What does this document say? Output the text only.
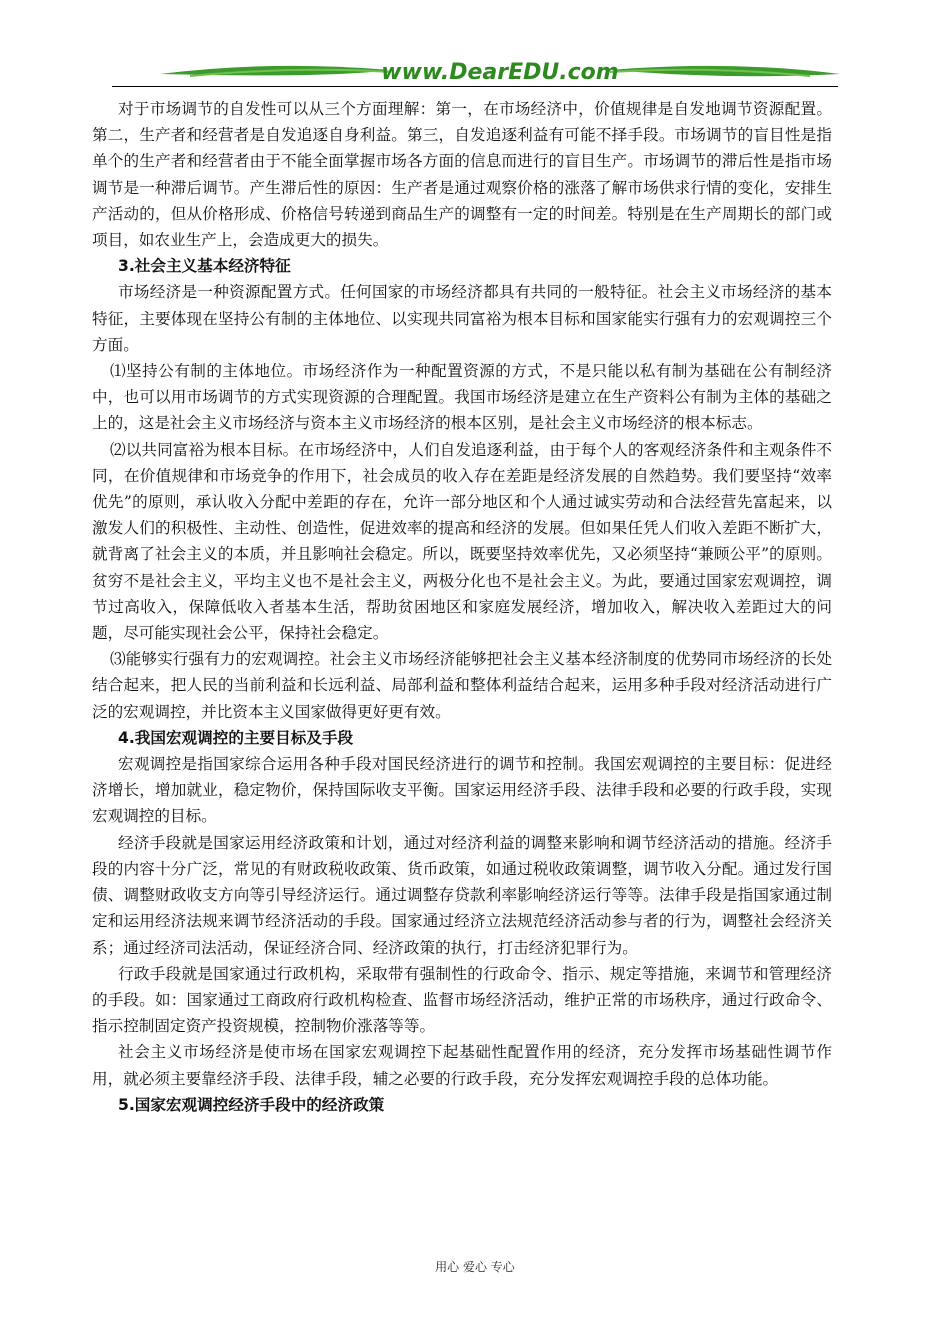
www.DearEDU.com

对于市场调节的自发性可以从三个方面理解：第一，在市场经济中，价值规律是自发地调节资源配置。第二，生产者和经营者是自发追逐自身利益。第三，自发追逐利益有可能不择手段。市场调节的盲目性是指单个的生产者和经营者由于不能全面掌握市场各方面的信息而进行的盲目生产。市场调节的滞后性是指市场调节是一种滞后调节。产生滞后性的原因：生产者是通过观察价格的涨落了解市场供求行情的变化，安排生产活动的，但从价格形成、价格信号转递到商品生产的调整有一定的时间差。特别是在生产周期长的部门或项目，如农业生产上，会造成更大的损失。

3.社会主义基本经济特征

市场经济是一种资源配置方式。任何国家的市场经济都具有共同的一般特征。社会主义市场经济的基本特征，主要体现在坚持公有制的主体地位、以实现共同富裕为根本目标和国家能实行强有力的宏观调控三个方面。

⑴坚持公有制的主体地位。市场经济作为一种配置资源的方式，不是只能以私有制为基础在公有制经济中，也可以用市场调节的方式实现资源的合理配置。我国市场经济是建立在生产资料公有制为主体的基础之上的，这是社会主义市场经济与资本主义市场经济的根本区别，是社会主义市场经济的根本标志。

⑵以共同富裕为根本目标。在市场经济中，人们自发追逐利益，由于每个人的客观经济条件和主观条件不同，在价值规律和市场竞争的作用下，社会成员的收入存在差距是经济发展的自然趋势。我们要坚持“效率优先”的原则，承认收入分配中差距的存在，允许一部分地区和个人通过诚实劳动和合法经营先富起来，以激发人们的积极性、主动性、创造性，促进效率的提高和经济的发展。但如果任凭人们收入差距不断扩大，就背离了社会主义的本质，并且影响社会稳定。所以，既要坚持效率优先，又必须坚持“兼顾公平”的原则。贫穷不是社会主义，平均主义也不是社会主义，两极分化也不是社会主义。为此，要通过国家宏观调控，调节过高收入，保障低收入者基本生活，帮助贫困地区和家庭发展经济，增加收入，解决收入差距过大的问题，尽可能实现社会公平，保持社会稳定。

⑶能够实行强有力的宏观调控。社会主义市场经济能够把社会主义基本经济制度的优势同市场经济的长处结合起来，把人民的当前利益和长远利益、局部利益和整体利益结合起来，运用多种手段对经济活动进行广泛的宏观调控，并比资本主义国家做得更好更有效。

4.我国宏观调控的主要目标及手段

宏观调控是指国家综合运用各种手段对国民经济进行的调节和控制。我国宏观调控的主要目标：促进经济增长，增加就业，稳定物价，保持国际收支平衡。国家运用经济手段、法律手段和必要的行政手段，实现宏观调控的目标。

经济手段就是国家运用经济政策和计划，通过对经济利益的调整来影响和调节经济活动的措施。经济手段的内容十分广泛，常见的有财政税收政策、货币政策，如通过税收政策调整，调节收入分配。通过发行国债、调整财政收支方向等引导经济运行。通过调整存贷款利率影响经济运行等等。法律手段是指国家通过制定和运用经济法规来调节经济活动的手段。国家通过经济立法规范经济活动参与者的行为，调整社会经济关系；通过经济司法活动，保证经济合同、经济政策的执行，打击经济犯罪行为。

行政手段就是国家通过行政机构，采取带有强制性的行政命令、指示、规定等措施，来调节和管理经济的手段。如：国家通过工商政府行政机构检查、监督市场经济活动，维护正常的市场秩序，通过行政命令、指示控制固定资产投资规模，控制物价涨落等等。

社会主义市场经济是使市场在国家宏观调控下起基础性配置作用的经济，充分发挥市场基础性调节作用，就必须主要靠经济手段、法律手段，辅之必要的行政手段，充分发挥宏观调控手段的总体功能。

5.国家宏观调控经济手段中的经济政策

用心 爱心 专心
